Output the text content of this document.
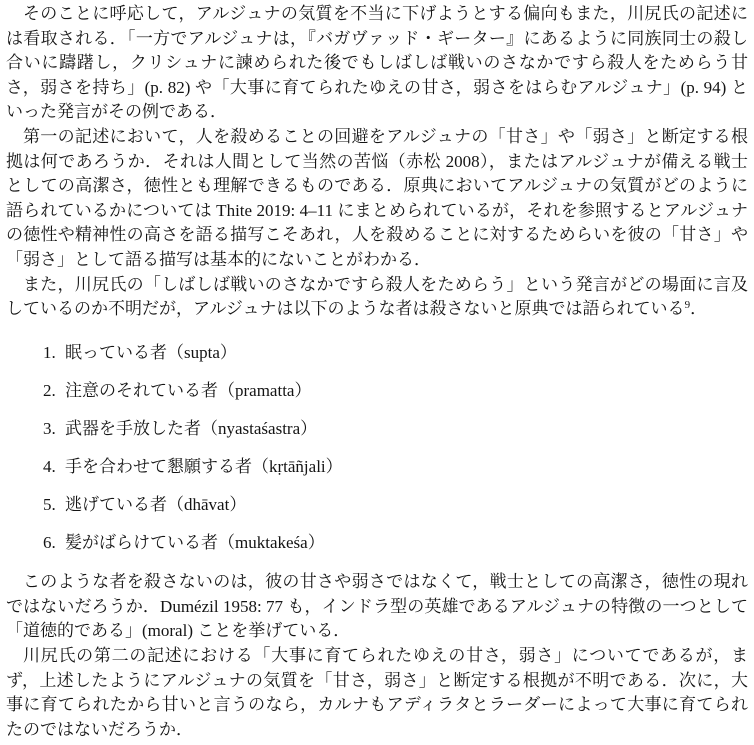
そのことに呼応して，アルジュナの気質を不当に下げようとする偏向もまた，川尻氏の記述には看取される．「一方でアルジュナは，『バガヴァッド・ギーター』にあるように同族同士の殺し合いに躊躇し，クリシュナに諫められた後でもしばしば戦いのさなかですら殺人をためらう甘さ，弱さを持ち」(p. 82) や「大事に育てられたゆえの甘さ，弱さをはらむアルジュナ」(p. 94) といった発言がその例である．

第一の記述において，人を殺めることの回避をアルジュナの「甘さ」や「弱さ」と断定する根拠は何であろうか．それは人間として当然の苦悩（赤松 2008），またはアルジュナが備える戦士としての高潔さ，徳性とも理解できるものである．原典においてアルジュナの気質がどのように語られているかについては Thite 2019: 4–11 にまとめられているが，それを参照するとアルジュナの徳性や精神性の高さを語る描写こそあれ，人を殺めることに対するためらいを彼の「甘さ」や「弱さ」として語る描写は基本的にないことがわかる．

また，川尻氏の「しばしば戦いのさなかですら殺人をためらう」という発言がどの場面に言及しているのか不明だが，アルジュナは以下のような者は殺さないと原典では語られている$^9$．

1. 眠っている者（supta）
2. 注意のそれている者（pramatta）
3. 武器を手放した者（nyastaśastra）
4. 手を合わせて懇願する者（kṛtāñjali）
5. 逃げている者（dhāvat）
6. 髪がばらけている者（muktakeśa）

このような者を殺さないのは，彼の甘さや弱さではなくて，戦士としての高潔さ，徳性の現れではないだろうか．Dumézil 1958: 77 も，インドラ型の英雄であるアルジュナの特徴の一つとして「道徳的である」(moral) ことを挙げている．

川尻氏の第二の記述における「大事に育てられたゆえの甘さ，弱さ」についてであるが，まず，上述したようにアルジュナの気質を「甘さ，弱さ」と断定する根拠が不明である．次に，大事に育てられたから甘いと言うのなら，カルナもアディラタとラーダーによって大事に育てられたのではないだろうか．
